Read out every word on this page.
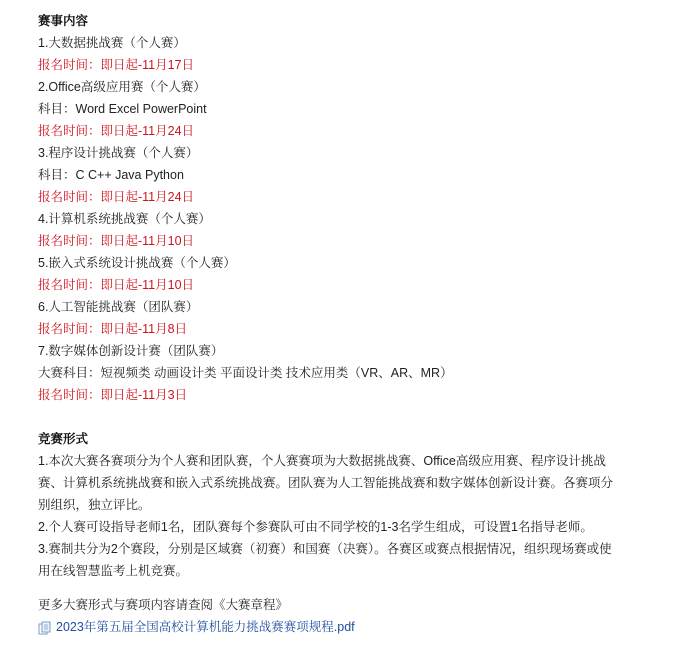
赛事内容
1.大数据挑战赛（个人赛）
报名时间：即日起-11月17日
2.Office高级应用赛（个人赛）
科目：Word Excel PowerPoint
报名时间：即日起-11月24日
3.程序设计挑战赛（个人赛）
科目：C C++ Java Python
报名时间：即日起-11月24日
4.计算机系统挑战赛（个人赛）
报名时间：即日起-11月10日
5.嵌入式系统设计挑战赛（个人赛）
报名时间：即日起-11月10日
6.人工智能挑战赛（团队赛）
报名时间：即日起-11月8日
7.数字媒体创新设计赛（团队赛）
大赛科目：短视频类 动画设计类 平面设计类 技术应用类（VR、AR、MR）
报名时间：即日起-11月3日
竞赛形式
1.本次大赛各赛项分为个人赛和团队赛，个人赛赛项为大数据挑战赛、Office高级应用赛、程序设计挑战赛、计算机系统挑战赛和嵌入式系统挑战赛。团队赛为人工智能挑战赛和数字媒体创新设计赛。各赛项分别组织，独立评比。
2.个人赛可设指导老师1名，团队赛每个参赛队可由不同学校的1-3名学生组成，可设置1名指导老师。
3.赛制共分为2个赛段，分别是区域赛（初赛）和国赛（决赛）。各赛区或赛点根据情况，组织现场赛或使用在线智慧监考上机竞赛。
更多大赛形式与赛项内容请查阅《大赛章程》
2023年第五届全国高校计算机能力挑战赛赛项规程.pdf
